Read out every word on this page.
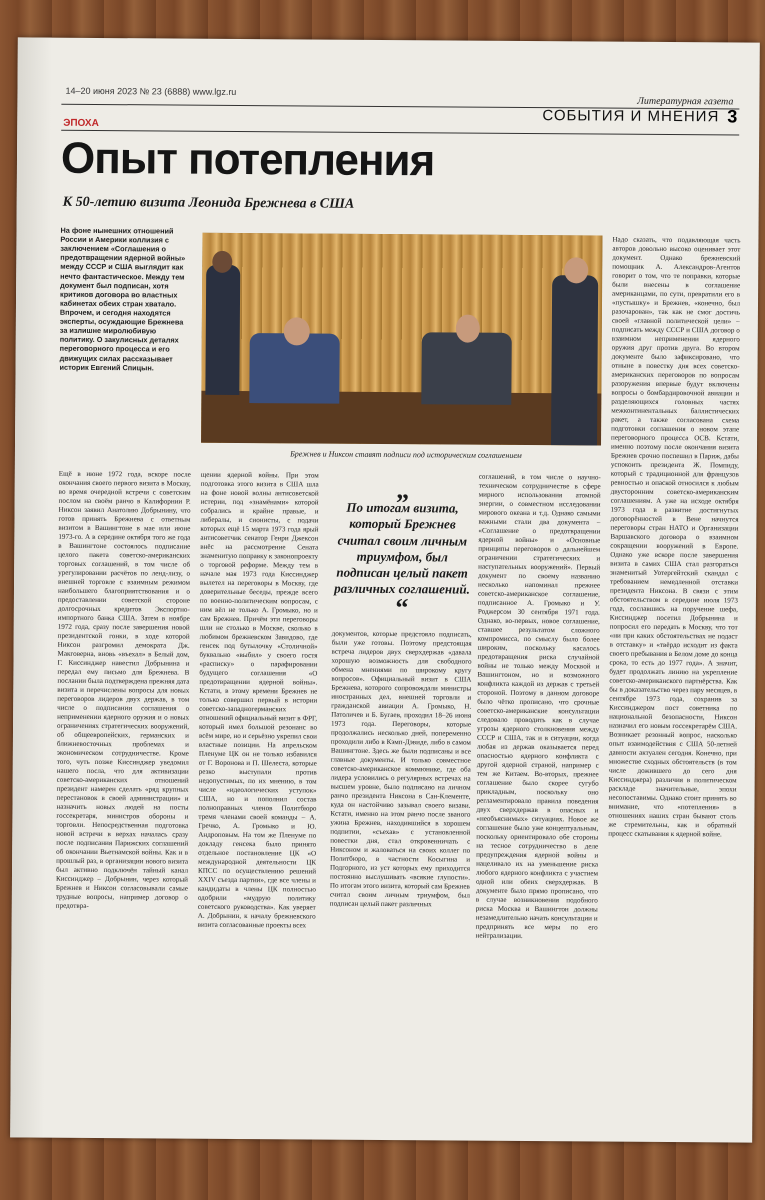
14–20 июня 2023 № 23 (6888) www.lgz.ru
Литературная газета
СОБЫТИЯ И МНЕНИЯ 3
ЭПОХА
Опыт потепления
К 50-летию визита Леонида Брежнева в США
На фоне нынешних отношений России и Америки коллизия с заключением «Соглашения о предотвращении ядерной войны» между СССР и США выглядит как нечто фантастическое. Между тем документ был подписан, хотя критиков договора во властных кабинетах обеих стран хватало. Впрочем, и сегодня находятся эксперты, осуждающие Брежнева за излишне миролюбивую политику. О закулисных деталях переговорного процесса и его движущих силах рассказывает историк Евгений Спицын.
Брежнев и Никсон ставят подписи под историческим соглашением
Ещё в июне 1972 года, вскоре после окончания своего первого визита в Москву, во время очередной встречи с советским послом на своём ранчо в Калифорнии Р. Никсон заявил Анатолию Добрынину, что готов принять Брежнева с ответным визитом в Вашингтоне в мае или июне 1973-го. А в середине октября того же года в Вашингтоне состоялось подписание целого пакета советско-американских торговых соглашений, в том числе об урегулировании расчётов по ленд-лизу, о внешней торговле с взаимным режимом наибольшего благоприятствования и о предоставлении советской стороне долгосрочных кредитов Экспортно-импортного банка США. Затем в ноябре 1972 года, сразу после завершения новой президентской гонки, в ходе которой Никсон разгромил демократа Дж. Макговерна, вновь «въехал» в Белый дом, Г. Киссинджер навестил Добрынина и передал ему письмо для Брежнева. В послании была подтверждена прежняя дата визита и перечислены вопросы для новых переговоров лидеров двух держав, в том числе о подписании соглашения о неприменении ядерного оружия и о новых ограничениях стратегических вооружений, об общеевропейских, германских и ближневосточных проблемах и экономическом сотрудничестве. Кроме того, чуть позже Киссинджер уведомил нашего посла, что для активизации советско-американских отношений президент намерен сделать «ряд крупных перестановок в своей администрации» и назначить новых людей на посты госсекретаря, министров обороны и торговли. Непосредственная подготовка новой встречи в верхах началась сразу после подписания Парижских соглашений об окончании Вьетнамской войны. Как и в прошлый раз, в организации нового визита был активно подключён тайный канал Киссинджер – Добрынин, через который Брежнев и Никсон согласовывали самые трудные вопросы, например договор о предотвра-
щении ядерной войны. При этом подготовка этого визита в США шла на фоне новой волны антисоветской истерии, под «знамёнами» которой собрались и крайне правые, и либералы, и сионисты, с подачи которых ещё 15 марта 1973 года ярый антисоветчик сенатор Генри Джексон внёс на рассмотрение Сената знаменитую поправку к законопроекту о торговой реформе. Между тем в начале мая 1973 года Киссинджер вылетел на переговоры в Москву, где доверительные беседы, прежде всего по военно-политическим вопросам, с ним вёл не только А. Громыко, но и сам Брежнев. Причём эти переговоры шли не столько в Москве, сколько в любимом брежневском Завидово, где генсек под бутылочку «Столичной» буквально «выбил» у своего гостя «расписку» о парафировании будущего соглашения «О предотвращении ядерной войны». Кстати, в этому времени Брежнев не только совершил первый в истории советско-западногерманских отношений официальный визит в ФРГ, который имел большой резонанс во всём мире, но и серьёзно укрепил свои властные позиции. На апрельском Пленуме ЦК он не только избавился от Г. Воронова и П. Шелеста, которые резко выступали против недопустимых, по их мнению, в том числе «идеологических уступок» США, но и пополнил состав полноправных членов Политбюро тремя членами своей команды – А. Гречко, А. Громыко и Ю. Андроповым. На том же Пленуме по докладу генсека было принято отдельное постановление ЦК «О международной деятельности ЦК КПСС по осуществлению решений XXIV съезда партии», где все члены и кандидаты в члены ЦК полностью одобрили «мудрую политику советского руководства». Как уверяет А. Добрынин, к началу брежневского визита согласованные проекты всех
„
По итогам визита, который Брежнев считал своим личным триумфом, был подписан целый пакет различных соглашений.
“
документов, которые предстояло подписать, были уже готовы. Поэтому предстоящая встреча лидеров двух сверхдержав «давала хорошую возможность для свободного обмена мнениями по широкому кругу вопросов». Официальный визит в США Брежнева, которого сопровождали министры иностранных дел, внешней торговли и гражданской авиации А. Громыко, Н. Патоличев и Б. Бугаев, проходил 18–26 июня 1973 года. Переговоры, которые продолжались несколько дней, попеременно проходили либо в Кэмп-Дэвиде, либо в самом Вашингтоне. Здесь же были подписаны и все главные документы. И только совместное советско-американское коммюнике, где оба лидера условились о регулярных встречах на высшем уровне, было подписано на личном ранчо президента Никсона в Сан-Клементе, куда он настойчиво зазывал своего визави. Кстати, именно на этом ранчо после званого ужина Брежнев, находившийся в хорошем подпитии, «съехав» с установленной повестки дня, стал откровенничать с Никсоном и жаловаться на своих коллег по Политбюро, в частности Косыгина и Подгорного, из уст которых ему приходится постоянно выслушивать «всякие глупости». По итогам этого визита, который сам Брежнев считал своим личным триумфом, был подписан целый пакет различных
соглашений, в том числе о научно-техническом сотрудничестве в сфере мирного использования атомной энергии, о совместном исследовании мирового океана и т.д. Однако самыми важными стали два документа – «Соглашение о предотвращении ядерной войны» и «Основные принципы переговоров о дальнейшем ограничении стратегических и наступательных вооружений». Первый документ по своему названию несколько напоминал прежнее советско-американское соглашение, подписанное А. Громыко и У. Роджерсом 30 сентября 1971 года. Однако, во-первых, новое соглашение, ставшее результатом сложного компромисса, по смыслу было более широким, поскольку касалось предотвращения риска случайной войны не только между Москвой и Вашингтоном, но и возможного конфликта каждой из держав с третьей стороной. Поэтому в данном договоре было чётко прописано, что срочные советско-американские консультации следовало проводить как в случае угрозы ядерного столкновения между СССР и США, так и в ситуации, когда любая из держав оказывается перед опасностью ядерного конфликта с другой ядерной страной, например с тем же Китаем. Во-вторых, прежнее соглашение было скорее сугубо прикладным, поскольку оно регламентировало правила поведения двух сверхдержав в опасных и «необъяснимых» ситуациях. Новое же соглашение было уже концептуальным, поскольку ориентировало обе стороны на тесное сотрудничество в деле предупреждения ядерной войны и нацеливало их на уменьшение риска любого ядерного конфликта с участием одной или обеих сверхдержав. В документе было прямо прописано, что в случае возникновения подобного риска Москва и Вашингтон должны незамедлительно начать консультации и предпринять все меры по его нейтрализации.
Надо сказать, что подавляющая часть авторов довольно высоко оценивает этот документ. Однако брежневский помощник А. Александров-Агентов говорит о том, что те поправки, которые были внесены в соглашение американцами, по сути, превратили его в «пустышку» и Брежнев, «конечно, был разочарован», так как не смог достичь своей «главной политической цели» – подписать между СССР и США договор о взаимном неприменении ядерного оружия друг против друга. Во втором документе было зафиксировано, что отныне в повестку дня всех советско-американских переговоров по вопросам разоружения впервые будут включены вопросы о бомбардировочной авиации и разделяющихся головных частях межконтинентальных баллистических ракет, а также согласована схема подготовки соглашения о новом этапе переговорного процесса ОСВ. Кстати, именно поэтому после окончания визита Брежнев срочно поспешил в Париж, дабы успокоить президента Ж. Помпиду, который с традиционной для французов ревностью и опаской относился к любым двусторонним советско-американским соглашениям. А уже на исходе октября 1973 года в развитие достигнутых договорённостей в Вене начнутся переговоры стран НАТО и Организации Варшавского договора о взаимном сокращении вооружений в Европе. Однако уже вскоре после завершения визита в самих США стал разгораться знаменитый Уотергейтский скандал с требованием немедленной отставки президента Никсона. В связи с этим обстоятельством в середине июля 1973 года, сославшись на поручение шефа, Киссинджер посетил Добрынина и попросил его передать в Москву, что тот «ни при каких обстоятельствах не подаст в отставку» и «твёрдо исходит из факта своего пребывания в Белом доме до конца срока, то есть до 1977 года». А значит, будет продолжать линию на укрепление советско-американского партнёрства. Как бы в доказательство через пару месяцев, в сентябре 1973 года, сохранив за Киссинджером пост советника по национальной безопасности, Никсон назначил его новым госсекретарём США. Возникает резонный вопрос, насколько опыт взаимодействия с США 50-летней давности актуален сегодня. Конечно, при множестве сходных обстоятельств (в том числе дожившего до сего дня Киссинджера) различия в политическом раскладе значительные, эпохи несопоставимы. Однако стоит принять во внимание, что «потепления» в отношениях наших стран бывают столь же стремительны, как и обратный процесс скатывания к ядерной войне.
